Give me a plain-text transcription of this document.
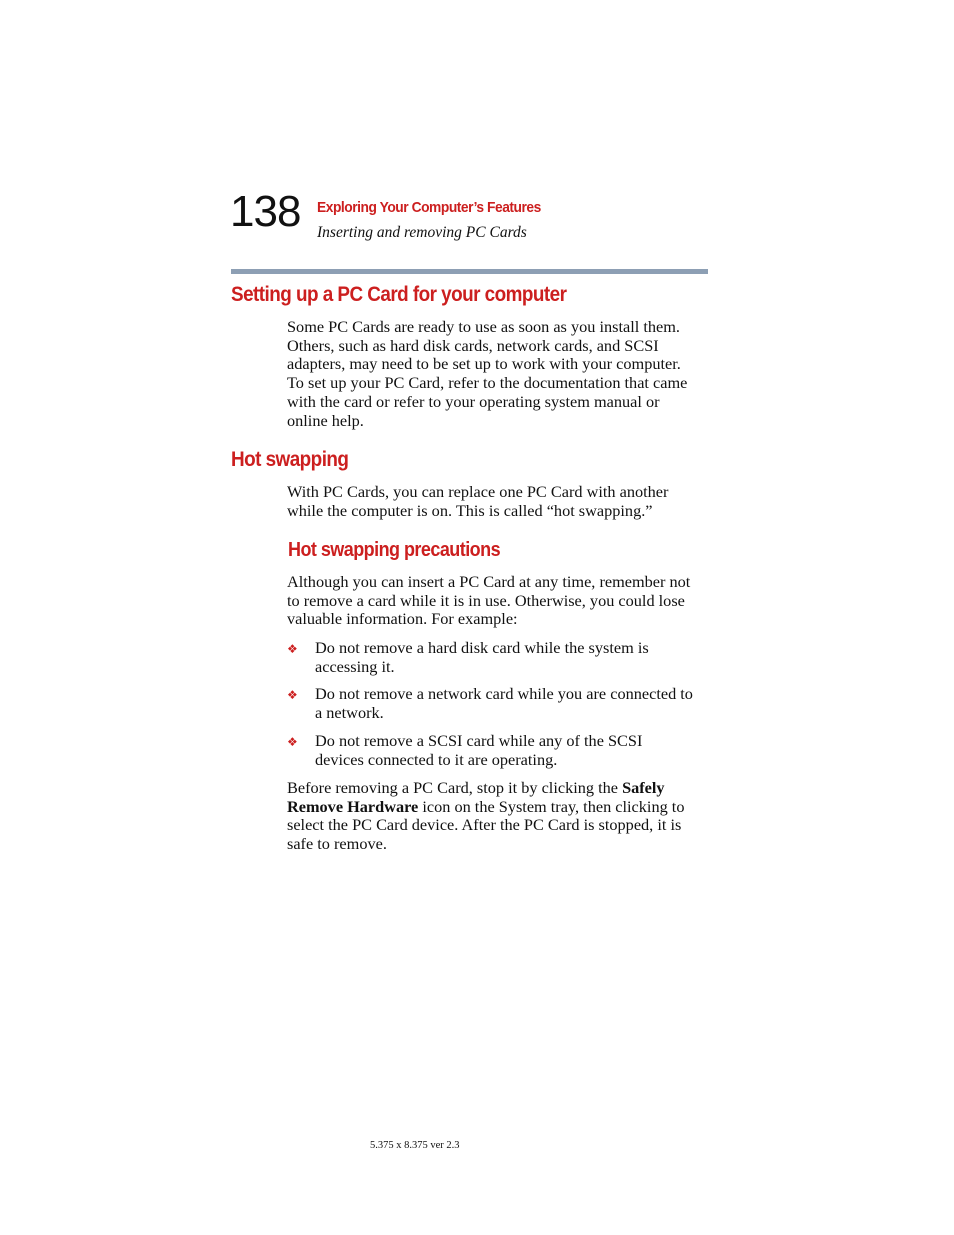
138 Exploring Your Computer’s Features
Inserting and removing PC Cards
Setting up a PC Card for your computer

Some PC Cards are ready to use as soon as you install them.
Others, such as hard disk cards, network cards, and SCSI
adapters, may need to be set up to work with your computer.
To set up your PC Card, refer to the documentation that came
with the card or refer to your operating system manual or
online help.

Hot swapping

With PC Cards, you can replace one PC Card with another
while the computer is on. This is called “hot swapping.”

Hot swapping precautions

Although you can insert a PC Card at any time, remember not
to remove a card while it is in use. Otherwise, you could lose
valuable information. For example:

❖ Do not remove a hard disk card while the system is
accessing it.
❖ Do not remove a network card while you are connected to
a network.
❖ Do not remove a SCSI card while any of the SCSI
devices connected to it are operating.

Before removing a PC Card, stop it by clicking the Safely
Remove Hardware icon on the System tray, then clicking to
select the PC Card device. After the PC Card is stopped, it is
safe to remove.

5.375 x 8.375 ver 2.3
